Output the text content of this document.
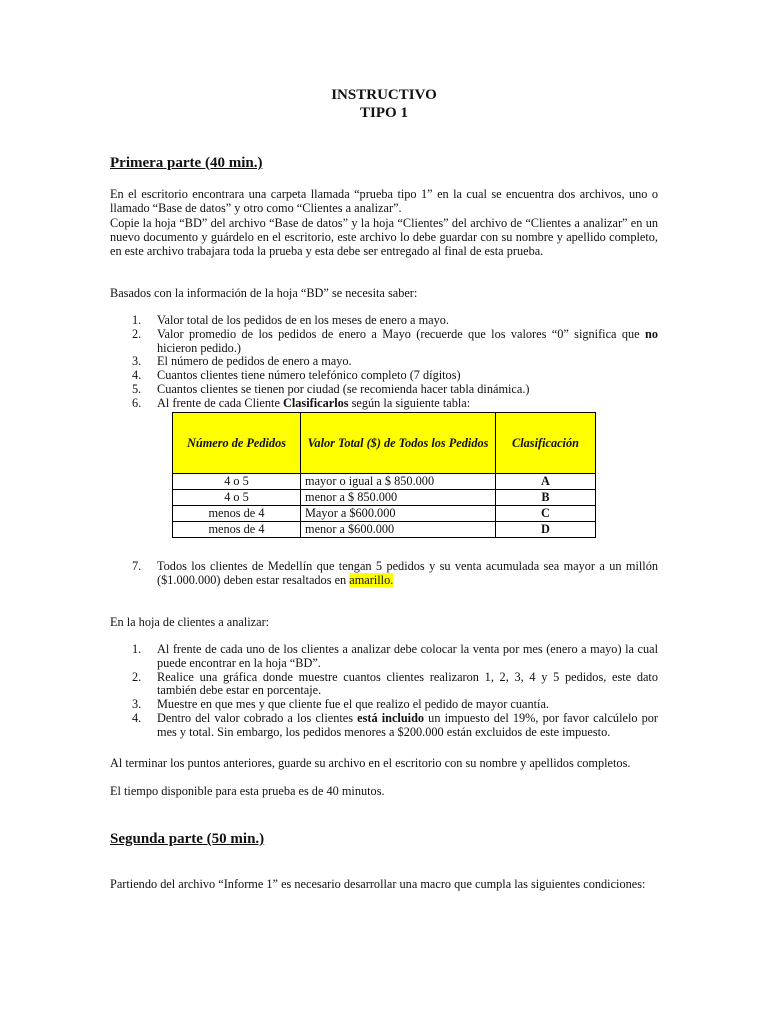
INSTRUCTIVO
TIPO 1
Primera parte (40 min.)
En el escritorio encontrara una carpeta llamada “prueba tipo 1” en la cual se encuentra dos archivos, uno o llamado “Base de datos” y otro como “Clientes a analizar”.
Copie la hoja “BD” del archivo “Base de datos” y la hoja “Clientes” del archivo de “Clientes a analizar” en un nuevo documento y guárdelo en el escritorio, este archivo lo debe guardar con su nombre y apellido completo, en este archivo trabajara toda la prueba y esta debe ser entregado al final de esta prueba.
Basados con la información de la hoja “BD” se necesita saber:
1. Valor total de los pedidos de en los meses de enero a mayo.
2. Valor promedio de los pedidos de enero a Mayo (recuerde que los valores “0” significa que no hicieron pedido.)
3. El número de pedidos de enero a mayo.
4. Cuantos clientes tiene número telefónico completo (7 dígitos)
5. Cuantos clientes se tienen por ciudad (se recomienda hacer tabla dinámica.)
6. Al frente de cada Cliente Clasificarlos según la siguiente tabla:
Número de Pedidos	Valor Total ($) de Todos los Pedidos	Clasificación
4 o 5	mayor o igual a $ 850.000	A
4 o 5	menor a $ 850.000	B
menos de 4	Mayor a $600.000	C
menos de 4	menor a $600.000	D
7. Todos los clientes de Medellín que tengan 5 pedidos y su venta acumulada sea mayor a un millón ($1.000.000) deben estar resaltados en amarillo.
En la hoja de clientes a analizar:
1. Al frente de cada uno de los clientes a analizar debe colocar la venta por mes (enero a mayo) la cual puede encontrar en la hoja “BD”.
2. Realice una gráfica donde muestre cuantos clientes realizaron 1, 2, 3, 4 y 5 pedidos, este dato también debe estar en porcentaje.
3. Muestre en que mes y que cliente fue el que realizo el pedido de mayor cuantía.
4. Dentro del valor cobrado a los clientes está incluido un impuesto del 19%, por favor calcúlelo por mes y total. Sin embargo, los pedidos menores a $200.000 están excluidos de este impuesto.
Al terminar los puntos anteriores, guarde su archivo en el escritorio con su nombre y apellidos completos.
El tiempo disponible para esta prueba es de 40 minutos.
Segunda parte (50 min.)
Partiendo del archivo “Informe 1” es necesario desarrollar una macro que cumpla las siguientes condiciones:
